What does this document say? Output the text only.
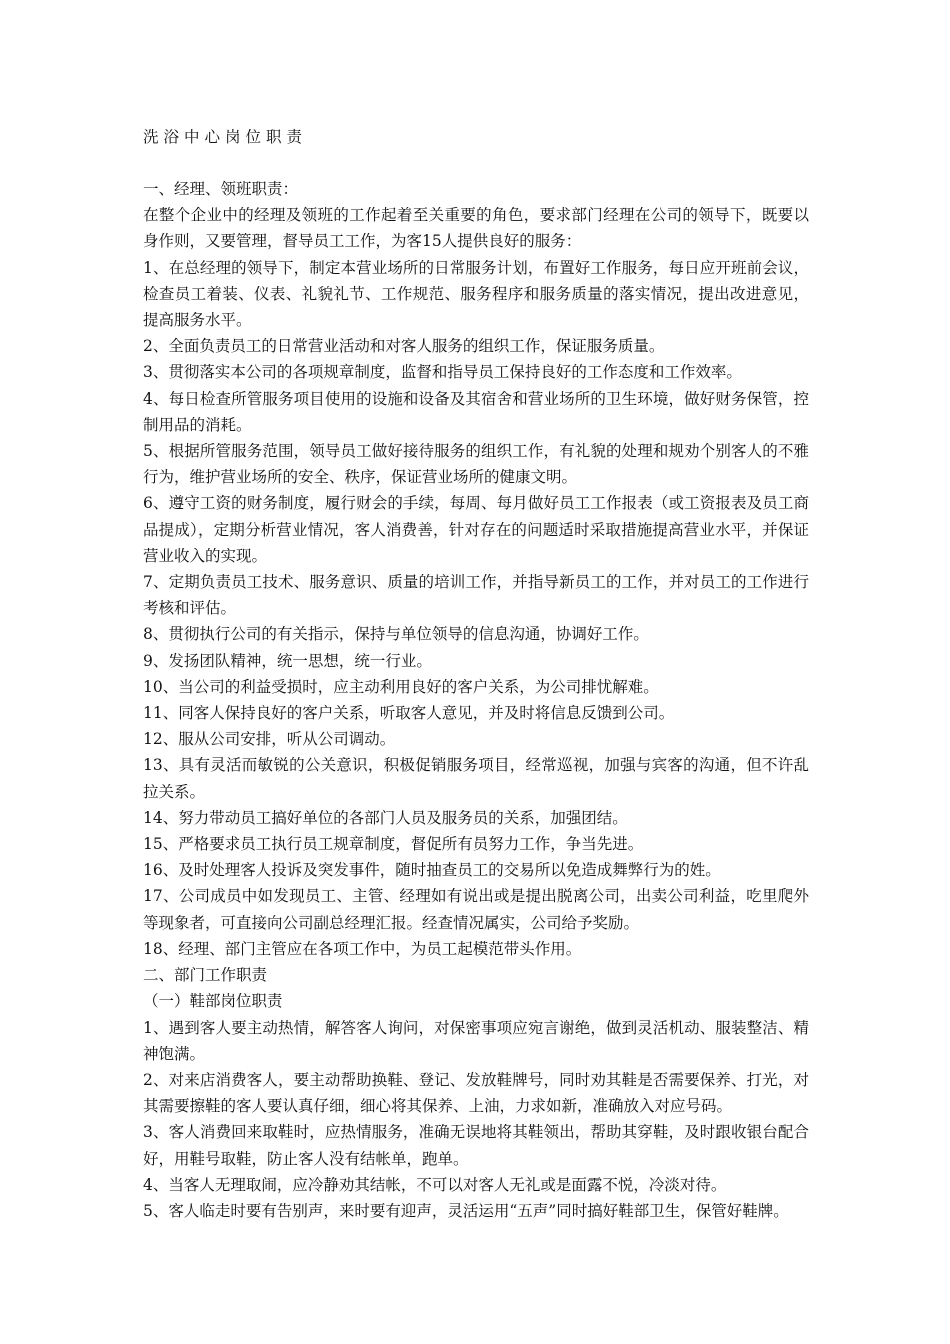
洗浴中心岗位职责
一、经理、领班职责：
在整个企业中的经理及领班的工作起着至关重要的角色，要求部门经理在公司的领导下，既要以身作则，又要管理，督导员工工作，为客15人提供良好的服务：
1、在总经理的领导下，制定本营业场所的日常服务计划，布置好工作服务，每日应开班前会议，检查员工着装、仪表、礼貌礼节、工作规范、服务程序和服务质量的落实情况，提出改进意见，提高服务水平。
2、全面负责员工的日常营业活动和对客人服务的组织工作，保证服务质量。
3、贯彻落实本公司的各项规章制度，监督和指导员工保持良好的工作态度和工作效率。
4、每日检查所管服务项目使用的设施和设备及其宿舍和营业场所的卫生环境，做好财务保管，控制用品的消耗。
5、根据所管服务范围，领导员工做好接待服务的组织工作，有礼貌的处理和规劝个别客人的不雅行为，维护营业场所的安全、秩序，保证营业场所的健康文明。
6、遵守工资的财务制度，履行财会的手续，每周、每月做好员工工作报表（或工资报表及员工商品提成），定期分析营业情况，客人消费善，针对存在的问题适时采取措施提高营业水平，并保证营业收入的实现。
7、定期负责员工技术、服务意识、质量的培训工作，并指导新员工的工作，并对员工的工作进行考核和评估。
8、贯彻执行公司的有关指示，保持与单位领导的信息沟通，协调好工作。
9、发扬团队精神，统一思想，统一行业。
10、当公司的利益受损时，应主动利用良好的客户关系，为公司排忧解难。
11、同客人保持良好的客户关系，听取客人意见，并及时将信息反馈到公司。
12、服从公司安排，听从公司调动。
13、具有灵活而敏锐的公关意识，积极促销服务项目，经常巡视，加强与宾客的沟通，但不许乱拉关系。
14、努力带动员工搞好单位的各部门人员及服务员的关系，加强团结。
15、严格要求员工执行员工规章制度，督促所有员努力工作，争当先进。
16、及时处理客人投诉及突发事件，随时抽查员工的交易所以免造成舞弊行为的姓。
17、公司成员中如发现员工、主管、经理如有说出或是提出脱离公司，出卖公司利益，吃里爬外等现象者，可直接向公司副总经理汇报。经查情况属实，公司给予奖励。
18、经理、部门主管应在各项工作中，为员工起模范带头作用。
二、部门工作职责
（一）鞋部岗位职责
1、遇到客人要主动热情，解答客人询问，对保密事项应宛言谢绝，做到灵活机动、服装整洁、精神饱满。
2、对来店消费客人，要主动帮助换鞋、登记、发放鞋牌号，同时劝其鞋是否需要保养、打光，对其需要擦鞋的客人要认真仔细，细心将其保养、上油，力求如新，准确放入对应号码。
3、客人消费回来取鞋时，应热情服务，准确无误地将其鞋领出，帮助其穿鞋，及时跟收银台配合好，用鞋号取鞋，防止客人没有结帐单，跑单。
4、当客人无理取闹，应冷静劝其结帐，不可以对客人无礼或是面露不悦，冷淡对待。
5、客人临走时要有告别声，来时要有迎声，灵活运用“五声”同时搞好鞋部卫生，保管好鞋牌。
